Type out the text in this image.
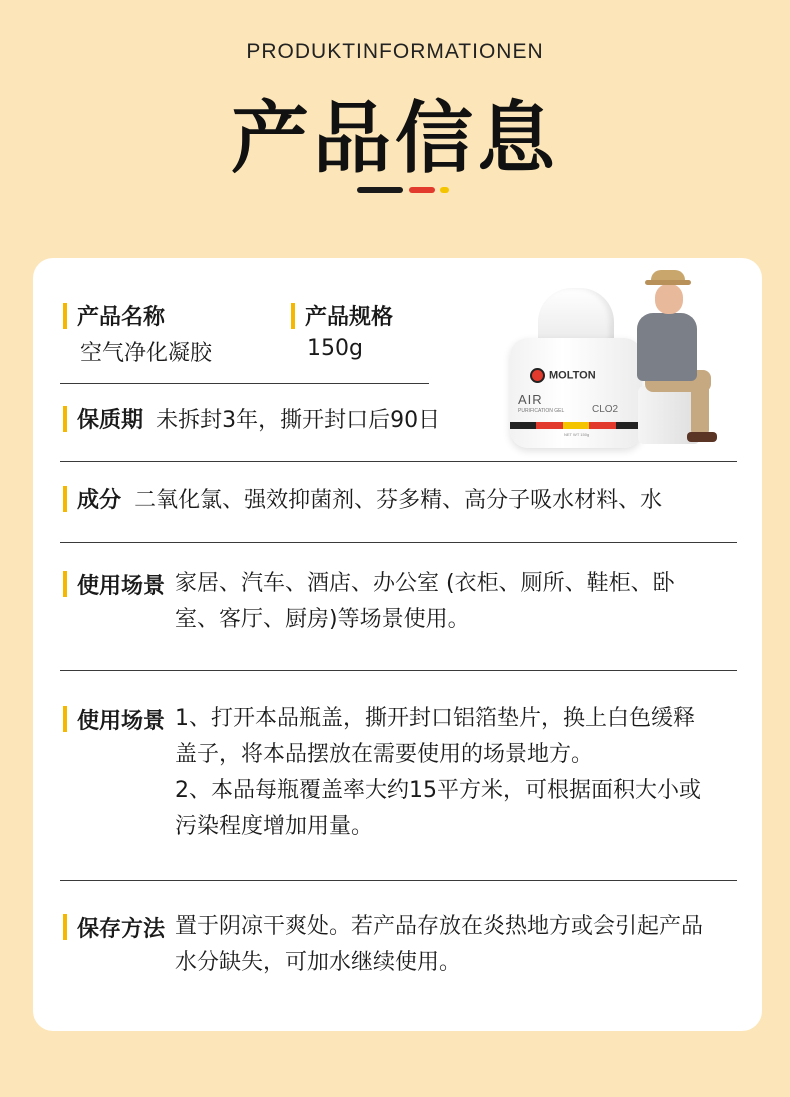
PRODUKTINFORMATIONEN
产品信息
产品名称
空气净化凝胶
产品规格
150g
保质期 未拆封3年，撕开封口后90日
MOLTON
AIR
PURIFICATION GEL	CLO2
NET WT 150g
成分 二氧化氯、强效抑菌剂、芬多精、高分子吸水材料、水
使用场景 家居、汽车、酒店、办公室 (衣柜、厕所、鞋柜、卧室、客厅、厨房)等场景使用。
使用场景 1、打开本品瓶盖，撕开封口铝箔垫片，换上白色缓释盖子，将本品摆放在需要使用的场景地方。
2、本品每瓶覆盖率大约15平方米，可根据面积大小或污染程度增加用量。
保存方法 置于阴凉干爽处。若产品存放在炎热地方或会引起产品水分缺失，可加水继续使用。
